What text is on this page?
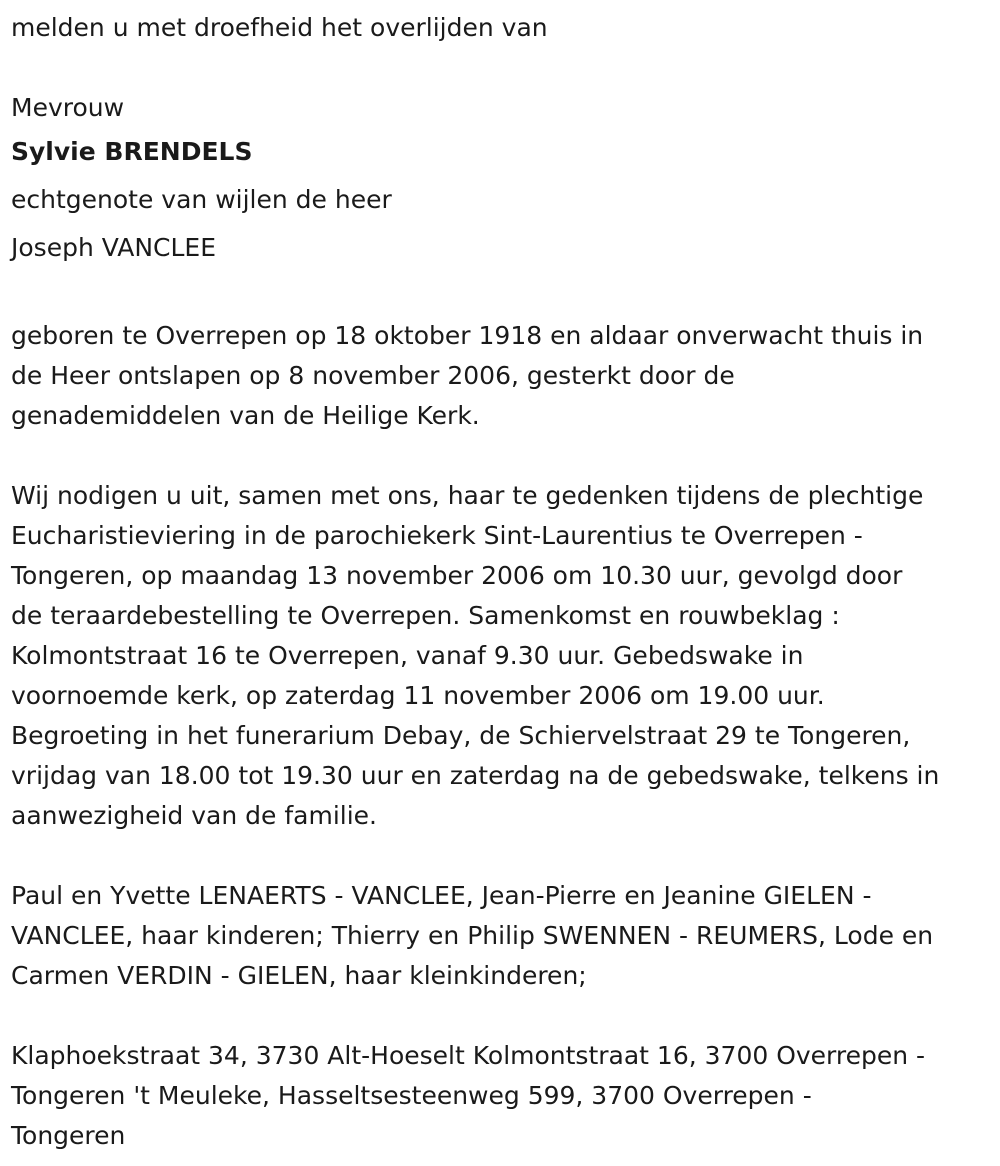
melden u met droefheid het overlijden van

Mevrouw

Sylvie BRENDELS

echtgenote van wijlen de heer

Joseph VANCLEE

geboren te Overrepen op 18 oktober 1918 en aldaar onverwacht thuis in
de Heer ontslapen op 8 november 2006, gesterkt door de
genademiddelen van de Heilige Kerk.
Wij nodigen u uit, samen met ons, haar te gedenken tijdens de plechtige
Eucharistieviering in de parochiekerk Sint-Laurentius te Overrepen -
Tongeren, op maandag 13 november 2006 om 10.30 uur, gevolgd door
de teraardebestelling te Overrepen. Samenkomst en rouwbeklag :
Kolmontstraat 16 te Overrepen, vanaf 9.30 uur. Gebedswake in
voornoemde kerk, op zaterdag 11 november 2006 om 19.00 uur.
Begroeting in het funerarium Debay, de Schiervelstraat 29 te Tongeren,
vrijdag van 18.00 tot 19.30 uur en zaterdag na de gebedswake, telkens in
aanwezigheid van de familie.
Paul en Yvette LENAERTS - VANCLEE, Jean-Pierre en Jeanine GIELEN -
VANCLEE, haar kinderen; Thierry en Philip SWENNEN - REUMERS, Lode en
Carmen VERDIN - GIELEN, haar kleinkinderen;
Klaphoekstraat 34, 3730 Alt-Hoeselt Kolmontstraat 16, 3700 Overrepen -
Tongeren 't Meuleke, Hasseltsesteenweg 599, 3700 Overrepen -
Tongeren
